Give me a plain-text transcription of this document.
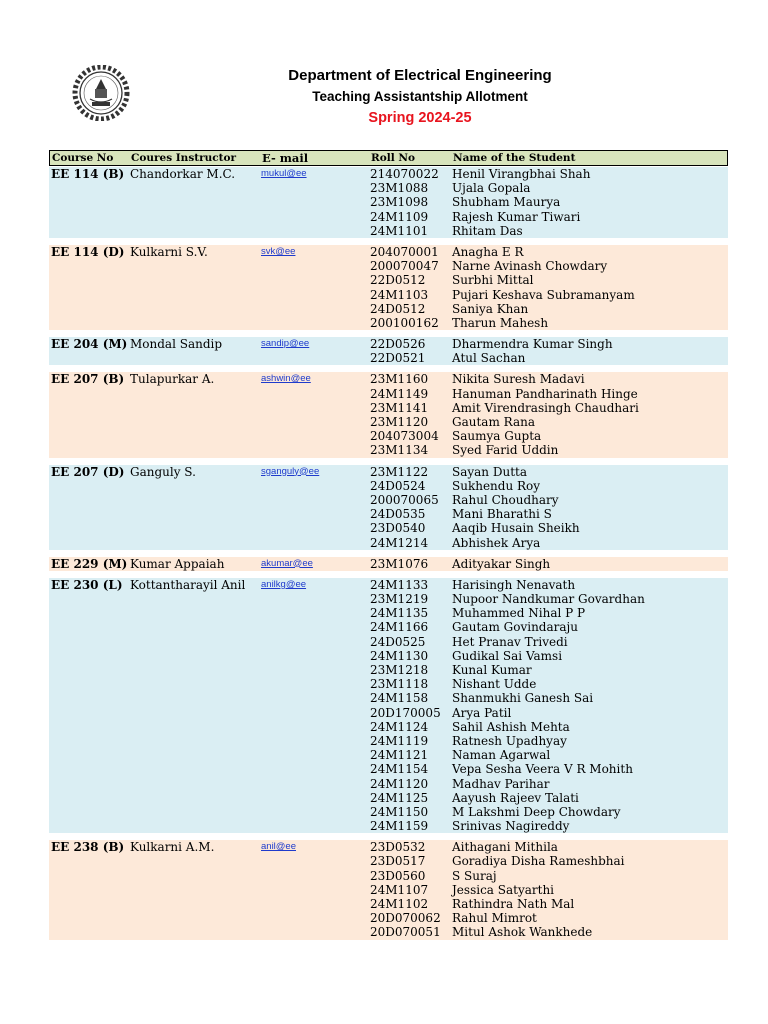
Department of Electrical Engineering
Teaching Assistantship Allotment
Spring 2024-25
Course No Coures Instructor E- mail	Roll No	Name of the Student
EE 114 (B) Chandorkar M.C.	mukul@ee	214070022 Henil Virangbhai Shah
23M1088 Ujala Gopala
23M1098 Shubham Maurya
24M1109 Rajesh Kumar Tiwari
24M1101 Rhitam Das
EE 114 (D) Kulkarni S.V.	svk@ee	204070001 Anagha E R
200070047 Narne Avinash Chowdary
22D0512 Surbhi Mittal
24M1103 Pujari Keshava Subramanyam
24D0512 Saniya Khan
200100162 Tharun Mahesh
EE 204 (M) Mondal Sandip	sandip@ee	22D0526 Dharmendra Kumar Singh
22D0521 Atul Sachan
EE 207 (B) Tulapurkar A.	ashwin@ee	23M1160 Nikita Suresh Madavi
24M1149 Hanuman Pandharinath Hinge
23M1141 Amit Virendrasingh Chaudhari
23M1120 Gautam Rana
204073004 Saumya Gupta
23M1134 Syed Farid Uddin
EE 207 (D) Ganguly S.	sganguly@ee	23M1122 Sayan Dutta
24D0524 Sukhendu Roy
200070065 Rahul Choudhary
24D0535 Mani Bharathi S
23D0540 Aaqib Husain Sheikh
24M1214 Abhishek Arya
EE 229 (M) Kumar Appaiah	akumar@ee	23M1076 Adityakar Singh
EE 230 (L) Kottantharayil Anil anilkg@ee	24M1133 Harisingh Nenavath
23M1219 Nupoor Nandkumar Govardhan
24M1135 Muhammed Nihal P P
24M1166 Gautam Govindaraju
24D0525 Het Pranav Trivedi
24M1130 Gudikal Sai Vamsi
23M1218 Kunal Kumar
23M1118 Nishant Udde
24M1158 Shanmukhi Ganesh Sai
20D170005 Arya Patil
24M1124 Sahil Ashish Mehta
24M1119 Ratnesh Upadhyay
24M1121 Naman Agarwal
24M1154 Vepa Sesha Veera V R Mohith
24M1120 Madhav Parihar
24M1125 Aayush Rajeev Talati
24M1150 M Lakshmi Deep Chowdary
24M1159 Srinivas Nagireddy
EE 238 (B) Kulkarni A.M.	anil@ee	23D0532 Aithagani Mithila
23D0517 Goradiya Disha Rameshbhai
23D0560 S Suraj
24M1107 Jessica Satyarthi
24M1102 Rathindra Nath Mal
20D070062 Rahul Mimrot
20D070051 Mitul Ashok Wankhede
